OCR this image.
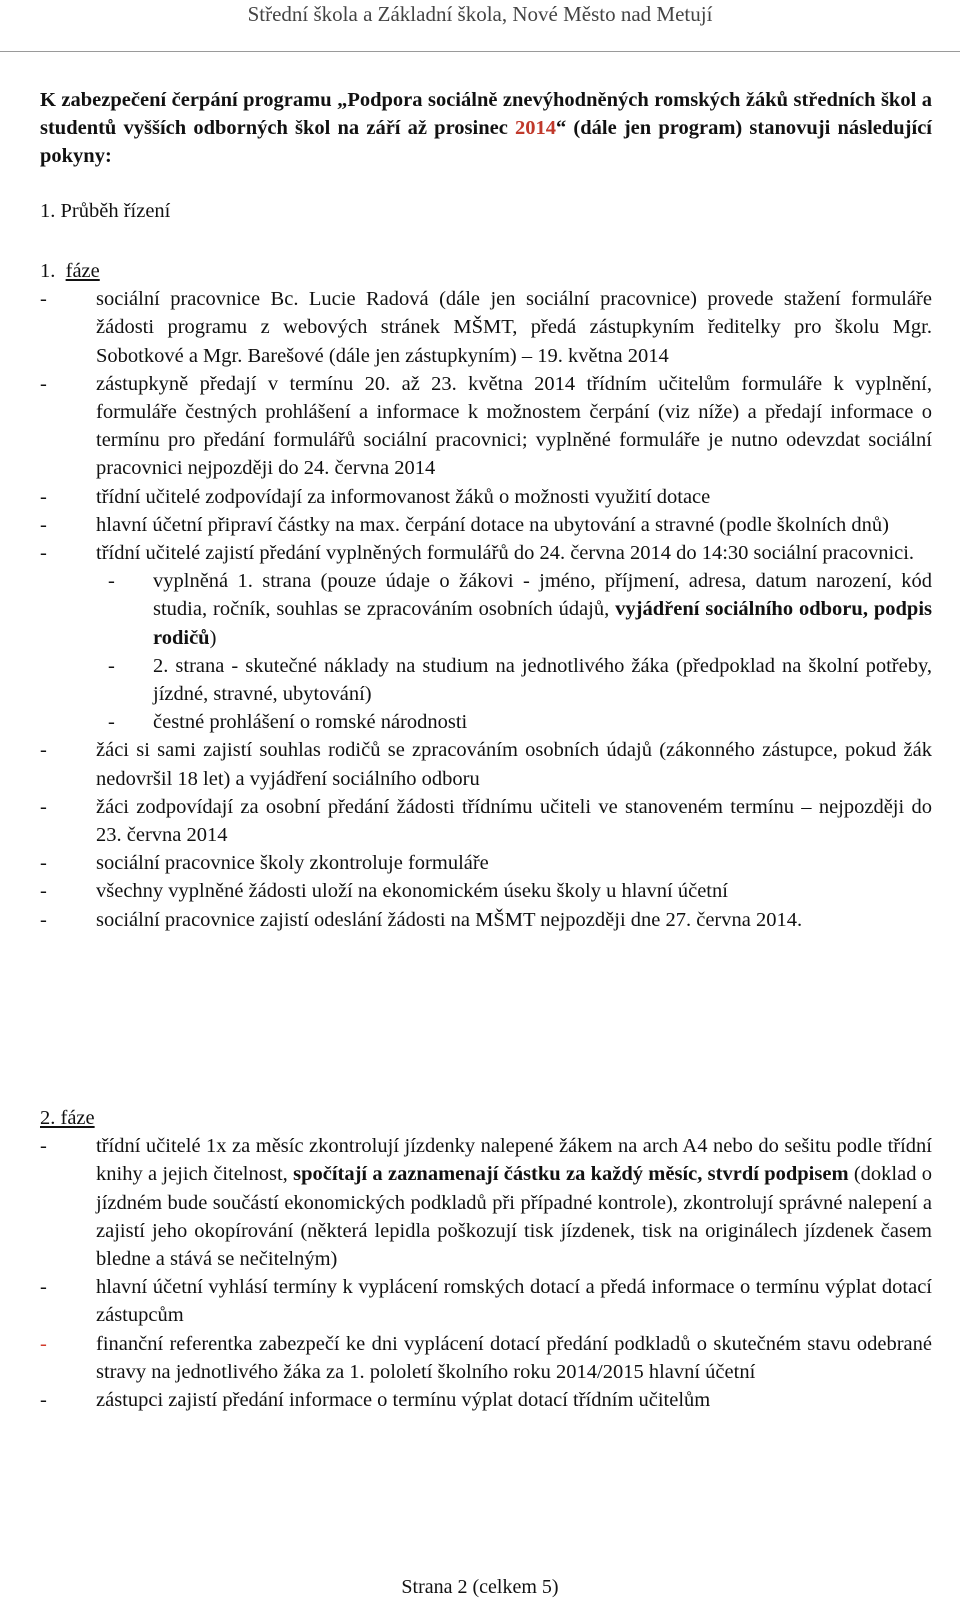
Střední škola a Základní škola, Nové Město nad Metují
K zabezpečení čerpání programu „Podpora sociálně znevýhodněných romských žáků středních škol a studentů vyšších odborných škol na září až prosinec 2014“ (dále jen program) stanovuji následující pokyny:
1. Průběh řízení
1. fáze
-	sociální pracovnice Bc. Lucie Radová (dále jen sociální pracovnice) provede stažení formuláře žádosti programu z webových stránek MŠMT, předá zástupkyním ředitelky pro školu Mgr. Sobotkové a Mgr. Barešové (dále jen zástupkyním) – 19. května 2014
-	zástupkyně předají v termínu 20. až 23. května 2014 třídním učitelům formuláře k vyplnění, formuláře čestných prohlášení a informace k možnostem čerpání (viz níže) a předají informace o termínu pro předání formulářů sociální pracovnici; vyplněné formuláře je nutno odevzdat sociální pracovnici nejpozději do 24. června 2014
-	třídní učitelé zodpovídají za informovanost žáků o možnosti využití dotace
-	hlavní účetní připraví částky na max. čerpání dotace na ubytování a stravné (podle školních dnů)
-	třídní učitelé zajistí předání vyplněných formulářů do 24. června 2014 do 14:30 sociální pracovnici.
-	vyplněná 1. strana (pouze údaje o žákovi - jméno, příjmení, adresa, datum narození, kód studia, ročník, souhlas se zpracováním osobních údajů, vyjádření sociálního odboru, podpis rodičů)
-	2. strana - skutečné náklady na studium na jednotlivého žáka (předpoklad na školní potřeby, jízdné, stravné, ubytování)
-	čestné prohlášení o romské národnosti
-	žáci si sami zajistí souhlas rodičů se zpracováním osobních údajů (zákonného zástupce, pokud žák nedovršil 18 let) a vyjádření sociálního odboru
-	žáci zodpovídají za osobní předání žádosti třídnímu učiteli ve stanoveném termínu – nejpozději do 23. června 2014
-	sociální pracovnice školy zkontroluje formuláře
-	všechny vyplněné žádosti uloží na ekonomickém úseku školy u hlavní účetní
-	sociální pracovnice zajistí odeslání žádosti na MŠMT nejpozději dne 27. června 2014.
2. fáze
-	třídní učitelé 1x za měsíc zkontrolují jízdenky nalepené žákem na arch A4 nebo do sešitu podle třídní knihy a jejich čitelnost, spočítají a zaznamenají částku za každý měsíc, stvrdí podpisem (doklad o jízdném bude součástí ekonomických podkladů při případné kontrole), zkontrolují správné nalepení a zajistí jeho okopírování (některá lepidla poškozují tisk jízdenek, tisk na originálech jízdenek časem bledne a stává se nečitelným)
-	hlavní účetní vyhlásí termíny k vyplácení romských dotací a předá informace o termínu výplat dotací zástupcům
-	finanční referentka zabezpečí ke dni vyplácení dotací předání podkladů o skutečném stavu odebrané stravy na jednotlivého žáka za 1. pololetí školního roku 2014/2015 hlavní účetní
-	zástupci zajistí předání informace o termínu výplat dotací třídním učitelům
Strana 2 (celkem 5)
